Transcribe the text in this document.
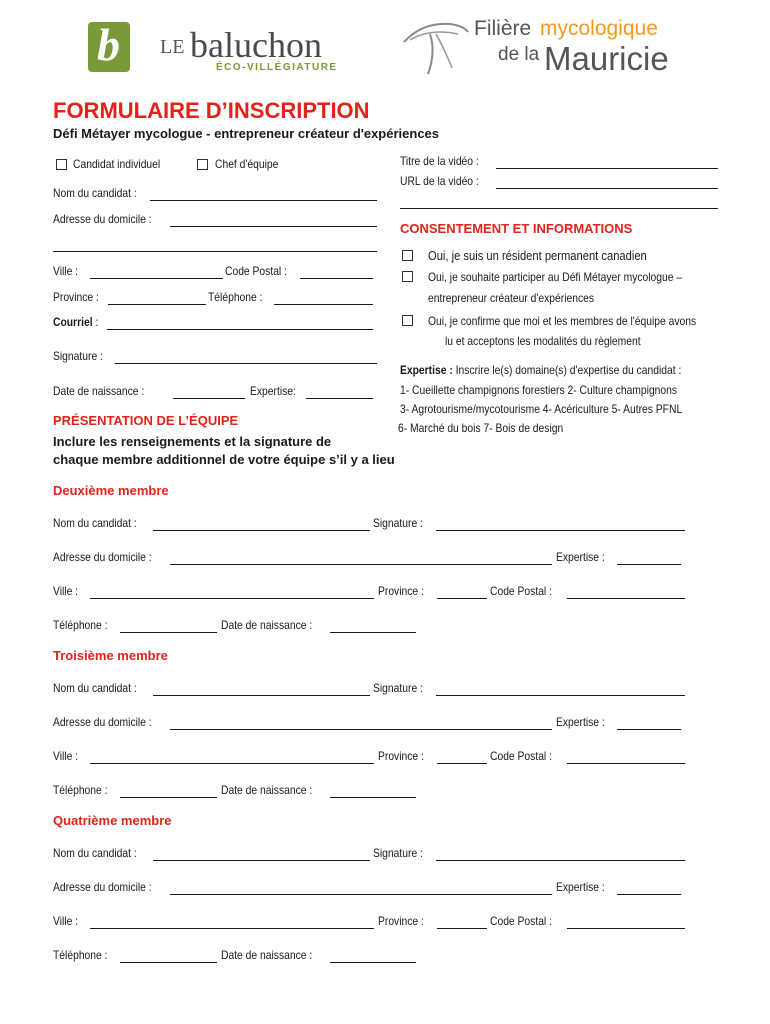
b LE baluchon
ÉCO-VILLÉGIATURE
Filière mycologique
de la Mauricie
FORMULAIRE D’INSCRIPTION
Défi Métayer mycologue - entrepreneur créateur d'expériences
Candidat individuel	Chef d'équipe
Nom du candidat :
Adresse du domicile :
Ville :	Code Postal :
Province :	Téléphone :
Courriel :
Signature :
Date de naissance :	Expertise:
Titre de la vidéo :
URL de la vidéo :
CONSENTEMENT ET INFORMATIONS
Oui, je suis un résident permanent canadien
Oui, je souhaite participer au Défi Métayer mycologue –
entrepreneur créateur d'expériences
Oui, je confirme que moi et les membres de l'équipe avons
lu et acceptons les modalités du règlement
Expertise : Inscrire le(s) domaine(s) d'expertise du candidat :
1- Cueillette champignons forestiers 2- Culture champignons
3- Agrotourisme/mycotourisme 4- Acériculture 5- Autres PFNL
6- Marché du bois 7- Bois de design
PRÉSENTATION DE L’ÉQUIPE
Inclure les renseignements et la signature de
chaque membre additionnel de votre équipe s’il y a lieu
Deuxième membre
Nom du candidat :	Signature :
Adresse du domicile :	Expertise :
Ville :	Province :	Code Postal :
Téléphone :	Date de naissance :
Troisième membre
Nom du candidat :	Signature :
Adresse du domicile :	Expertise :
Ville :	Province :	Code Postal :
Téléphone :	Date de naissance :
Quatrième membre
Nom du candidat :	Signature :
Adresse du domicile :	Expertise :
Ville :	Province :	Code Postal :
Téléphone :	Date de naissance :
